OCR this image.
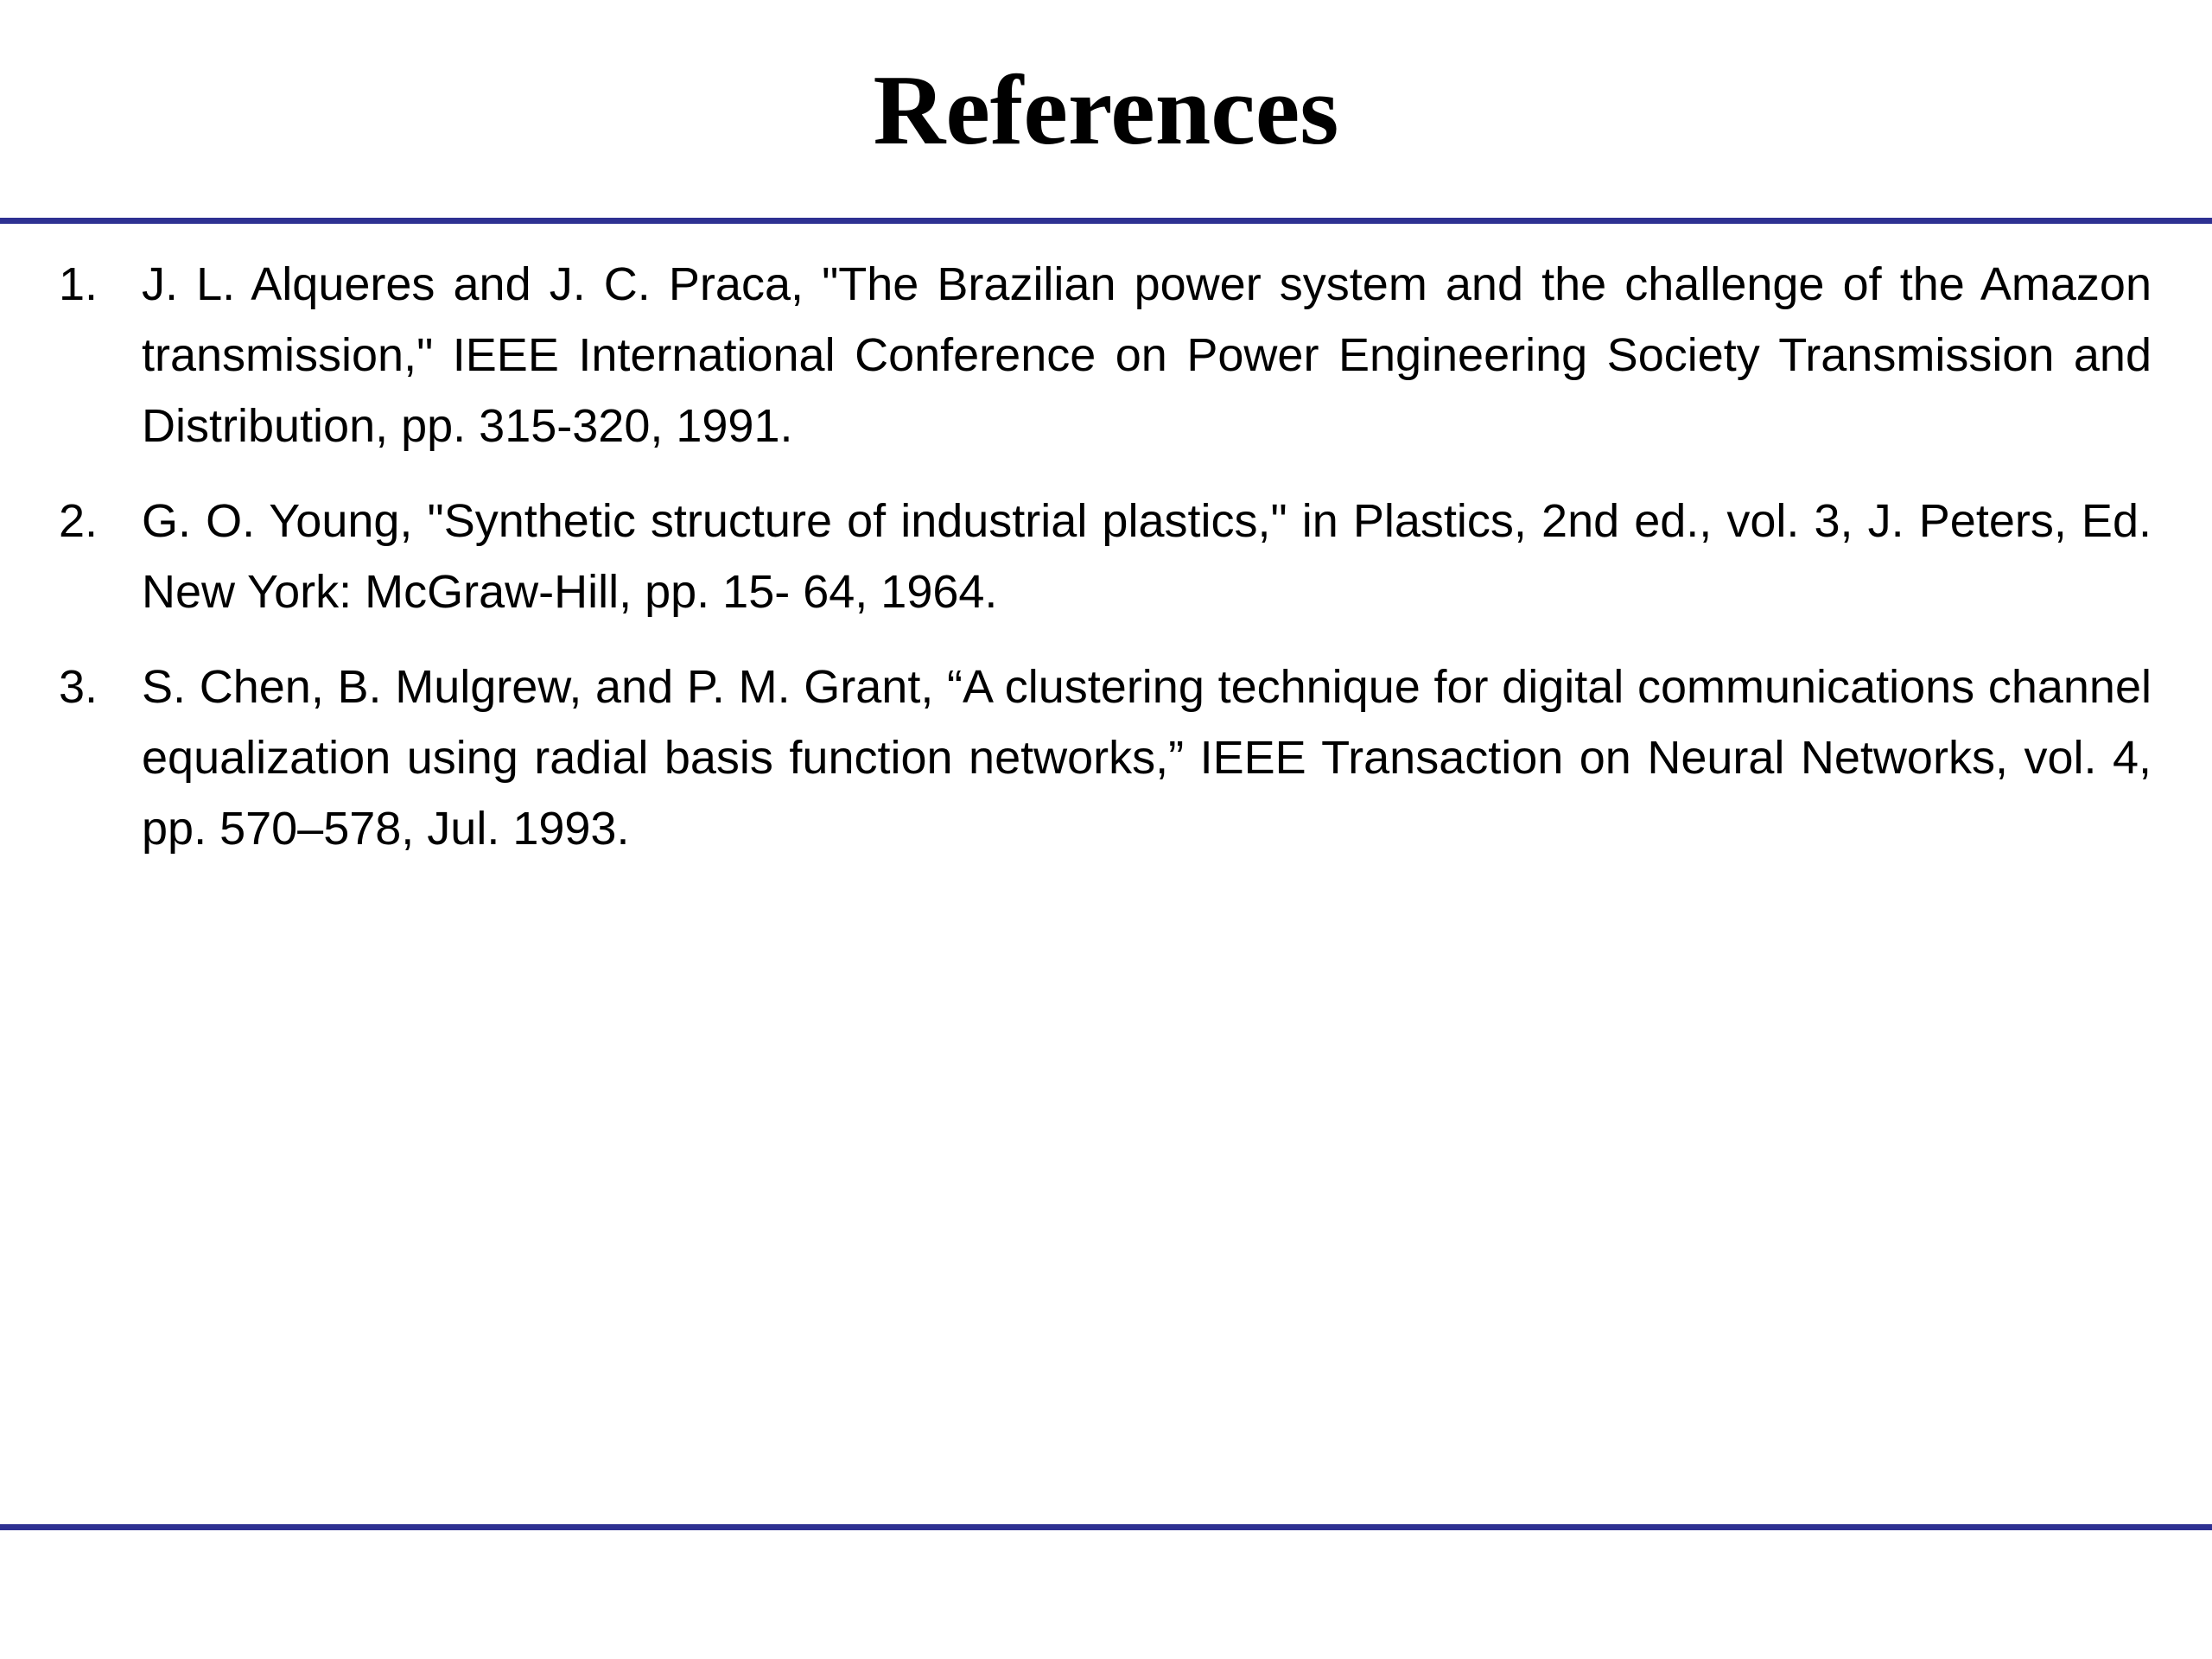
References
1. J. L. Alqueres and J. C. Praca, "The Brazilian power system and the challenge of the Amazon transmission," IEEE International Conference on Power Engineering Society Transmission and Distribution, pp. 315-320, 1991.
2. G. O. Young, "Synthetic structure of industrial plastics," in Plastics, 2nd ed., vol. 3, J. Peters, Ed. New York: McGraw-Hill, pp. 15- 64, 1964.
3. S. Chen, B. Mulgrew, and P. M. Grant, “A clustering technique for digital communications channel equalization using radial basis function networks,” IEEE Transaction on Neural Networks, vol. 4, pp. 570–578, Jul. 1993.
